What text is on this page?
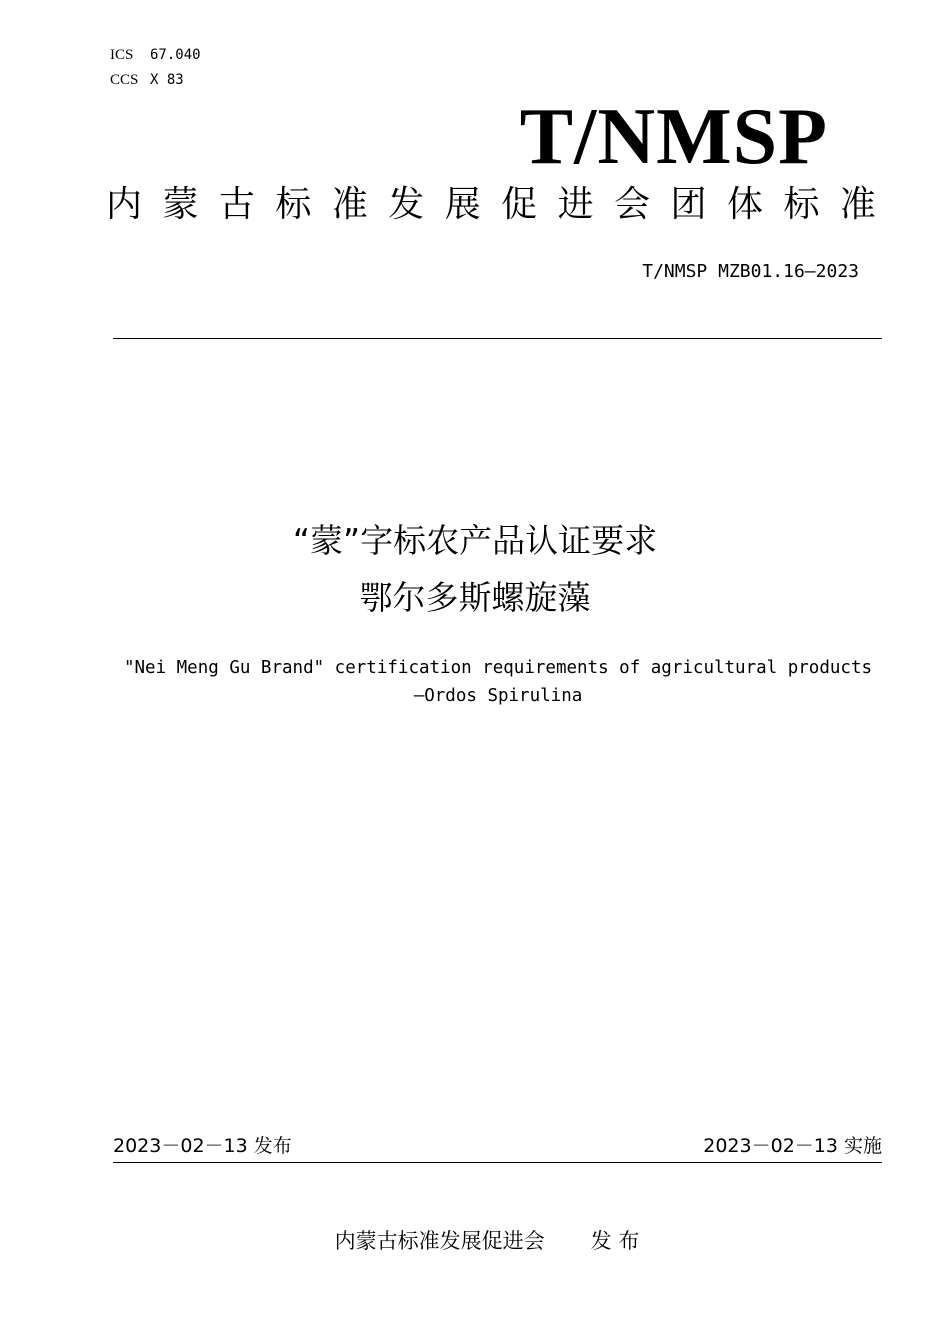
ICS 67.040
CCS X 83
T/NMSP
内 蒙 古 标 准 发 展 促 进 会 团 体 标 准
T/NMSP MZB01.16—2023
“蒙”字标农产品认证要求
鄂尔多斯螺旋藻
"Nei Meng Gu Brand" certification requirements of agricultural products
—Ordos Spirulina
2023－02－13 发布	2023－02－13 实施
内蒙古标准发展促进会 发 布
